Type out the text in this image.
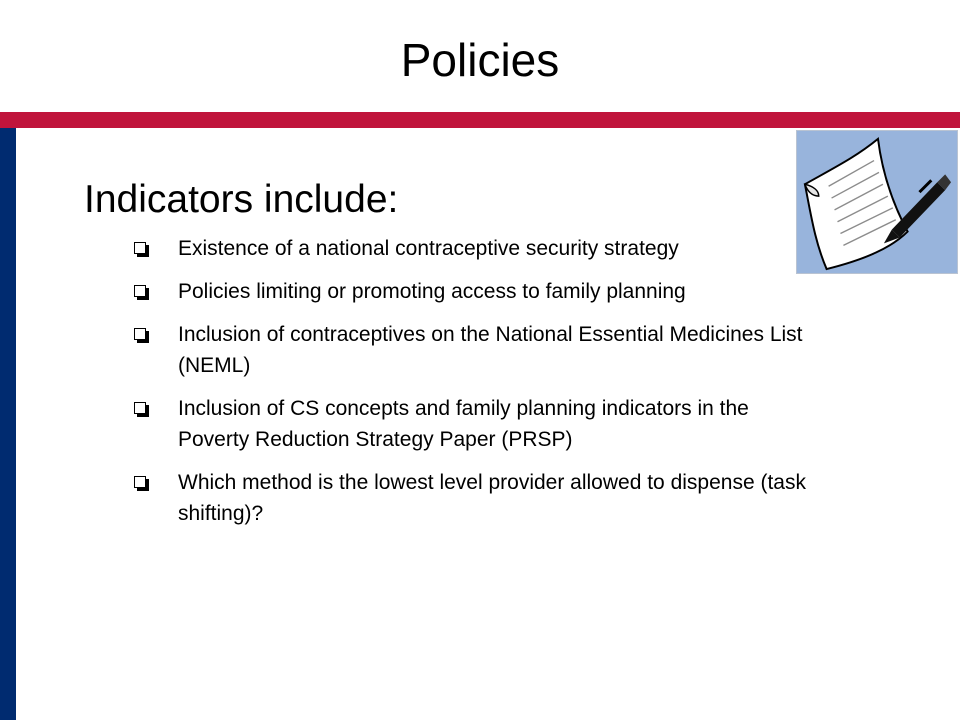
Policies
Indicators include:
Existence of a national contraceptive security strategy
Policies limiting or promoting access to family planning
Inclusion of contraceptives on the National Essential Medicines List (NEML)
Inclusion of CS concepts and family planning indicators in the Poverty Reduction Strategy Paper (PRSP)
Which method is the lowest level provider allowed to dispense (task shifting)?
